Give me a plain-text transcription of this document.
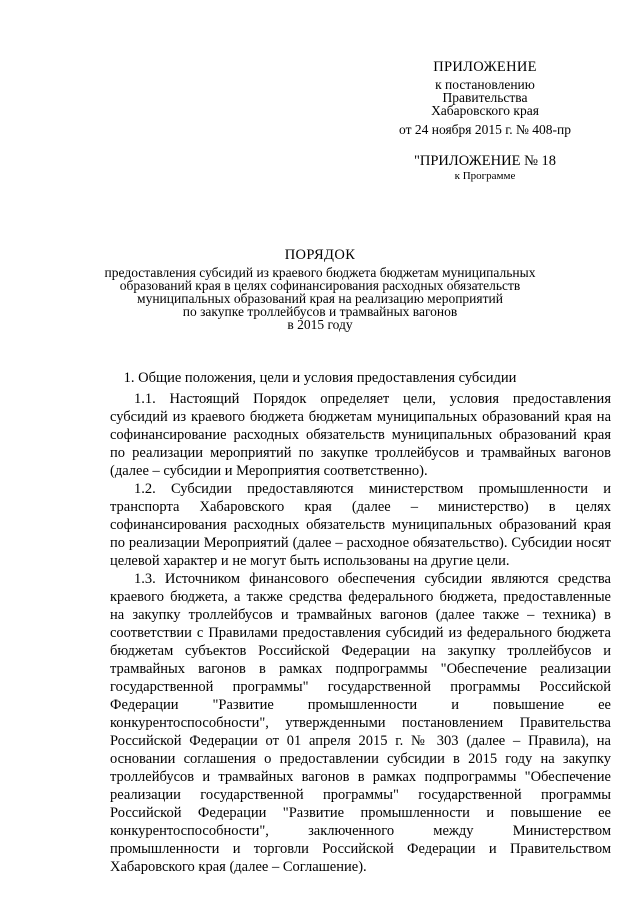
ПРИЛОЖЕНИЕ
к постановлению
Правительства
Хабаровского края
от 24 ноября 2015 г. № 408-пр
"ПРИЛОЖЕНИЕ № 18
к Программе
ПОРЯДОК
предоставления субсидий из краевого бюджета бюджетам муниципальных
образований края в целях софинансирования расходных обязательств
муниципальных образований края на реализацию мероприятий
по закупке троллейбусов и трамвайных вагонов
в 2015 году
1. Общие положения, цели и условия предоставления субсидии

1.1. Настоящий Порядок определяет цели, условия предоставления субсидий из краевого бюджета бюджетам муниципальных образований края на софинансирование расходных обязательств муниципальных образований края по реализации мероприятий по закупке троллейбусов и трамвайных вагонов (далее – субсидии и Мероприятия соответственно).

1.2. Субсидии предоставляются министерством промышленности и транспорта Хабаровского края (далее – министерство) в целях софинансирования расходных обязательств муниципальных образований края по реализации Мероприятий (далее – расходное обязательство). Субсидии носят целевой характер и не могут быть использованы на другие цели.

1.3. Источником финансового обеспечения субсидии являются средства краевого бюджета, а также средства федерального бюджета, предоставленные на закупку троллейбусов и трамвайных вагонов (далее также – техника) в соответствии с Правилами предоставления субсидий из федерального бюджета бюджетам субъектов Российской Федерации на закупку троллейбусов и трамвайных вагонов в рамках подпрограммы "Обеспечение реализации государственной программы" государственной программы Российской Федерации "Развитие промышленности и повышение ее конкурентоспособности", утвержденными постановлением Правительства Российской Федерации от 01 апреля 2015 г. № 303 (далее – Правила), на основании соглашения о предоставлении субсидии в 2015 году на закупку троллейбусов и трамвайных вагонов в рамках подпрограммы "Обеспечение реализации государственной программы" государственной программы Российской Федерации "Развитие промышленности и повышение ее конкурентоспособности", заключенного между Министерством промышленности и торговли Российской Федерации и Правительством Хабаровского края (далее – Соглашение).
